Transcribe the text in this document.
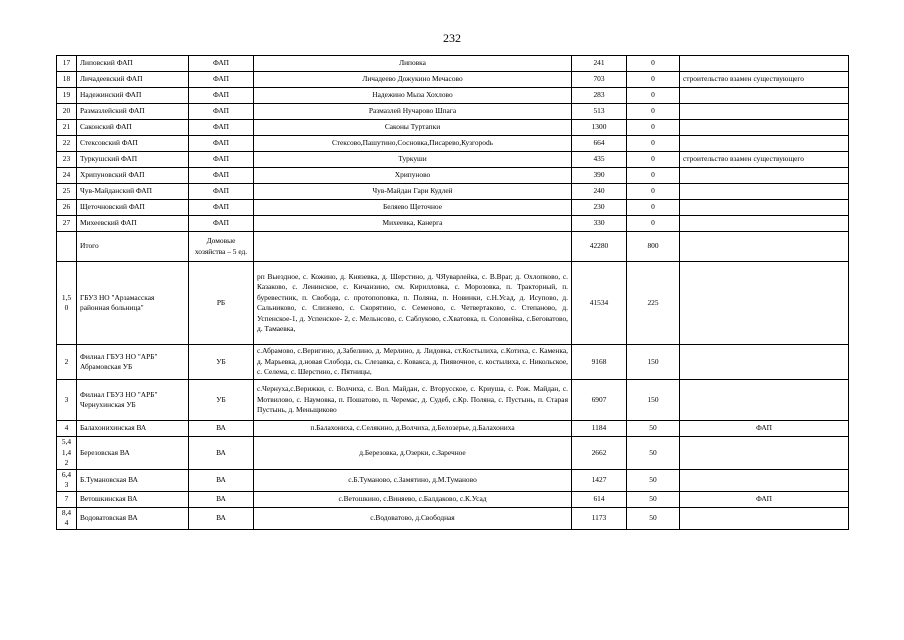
232
17	Липовский ФАП	ФАП	Липовка	241	0	
18	Личадеевский ФАП	ФАП	Личадеево Дожукино Мечасово	703	0	строительство взамен существующего
19	Надежинский ФАП	ФАП	Надежино Мыза Хохлово	283	0	
20	Размазлейский ФАП	ФАП	Размазлей Нучарово Шпага	513	0	
21	Саконский ФАП	ФАП	Саконы Туртапки	1300	0	
22	Стексовский ФАП	ФАП	Стексово,Пашутино,Сосновка,Писарево,Кузгорodь	664	0	
23	Туркушский ФАП	ФАП	Туркуши	435	0	строительство взамен существующего
24	Хрипуновский ФАП	ФАП	Хрипуново	390	0	
25	Чув-Майданский ФАП	ФАП	Чув-Майдан Гари Кудлей	240	0	
26	Щеточновский ФАП	ФАП	Беляево Щеточное	230	0	
27	Михеевский ФАП	ФАП	Михеевка, Канерга	330	0	
	Итого	Домовые хозяйства – 5 ед.		42280	800	
1,5 0	ГБУЗ НО "Арзамасская районная больница"	РБ	рп Выездное, с. Кожино, д. Князевка, д. Шерстино, д. ЧЯуварлейка, с. В.Враг, д. Охлопково, с. Казаково, с. Ленинское, с. Кичанзино, см. Кирилловка, с. Морозовка, п. Тракторный, п. буревестник, п. Свобода, с. протопоповка, п. Поляна, п. Новинки, с.Н.Усад, д. Исупово, д. Сальниково, с. Слизнево, с. Скорятино, с. Семеново, с. Четвертаково, с. Степаново, д. Успенское-1, д. Успенское- 2, с. Мельнсово, с. Саблуково, с.Хватовка, п. Соловейка, с.Беговатово, д. Тамаевка,	41534	225	
2	Филиал ГБУЗ НО "АРБ" Абрамовская УБ	УБ	с.Абрамово, с.Веригино, д.Забелино, д. Мерлино, д. Лидовка, ст.Костылиха, с.Котиха, с. Каменка, д. Марьевка, д.новая Слобода, сь. Слезавка, с. Ковакса, д. Пиявочное, с. костылиха, с. Никольское, с. Селема, с. Шерстино, с. Пятницы,	9168	150	
3	Филиал ГБУЗ НО "АРБ" Чернухинская УБ	УБ	с.Чернуха,с.Верижки, с. Волчиха, с. Вол. Майдан, с. Вторусское, с. Криуша, с. Рож. Майдан, с. Мотвилово, с. Наумовка, п. Пошатово, п. Черемас, д. Судеб, с.Кр. Поляна, с. Пустынь, п. Старая Пустынь, д. Меньщиково	6907	150	
4	Балахонихинская ВА	ВА	п.Балахониха, с.Селякино, д.Волчиха, д.Белозерье, д.Балахониха	1184	50	ФАП
5,4 1,4 2	Березовская ВА	ВА	д.Березовка, д.Озерки, с.Заречное	2662	50	
6,4 3	Б.Тумановская ВА	ВА	с.Б.Туманово, с.Замятино, д.М.Туманово	1427	50	
7	Ветошкинская ВА	ВА	с.Ветошкино, с.Виняево, с.Балдаково, с.К.Усад	614	50	ФАП
8,4 4	Водоватовская ВА	ВА	с.Водоватово, д.Свободная	1173	50	
